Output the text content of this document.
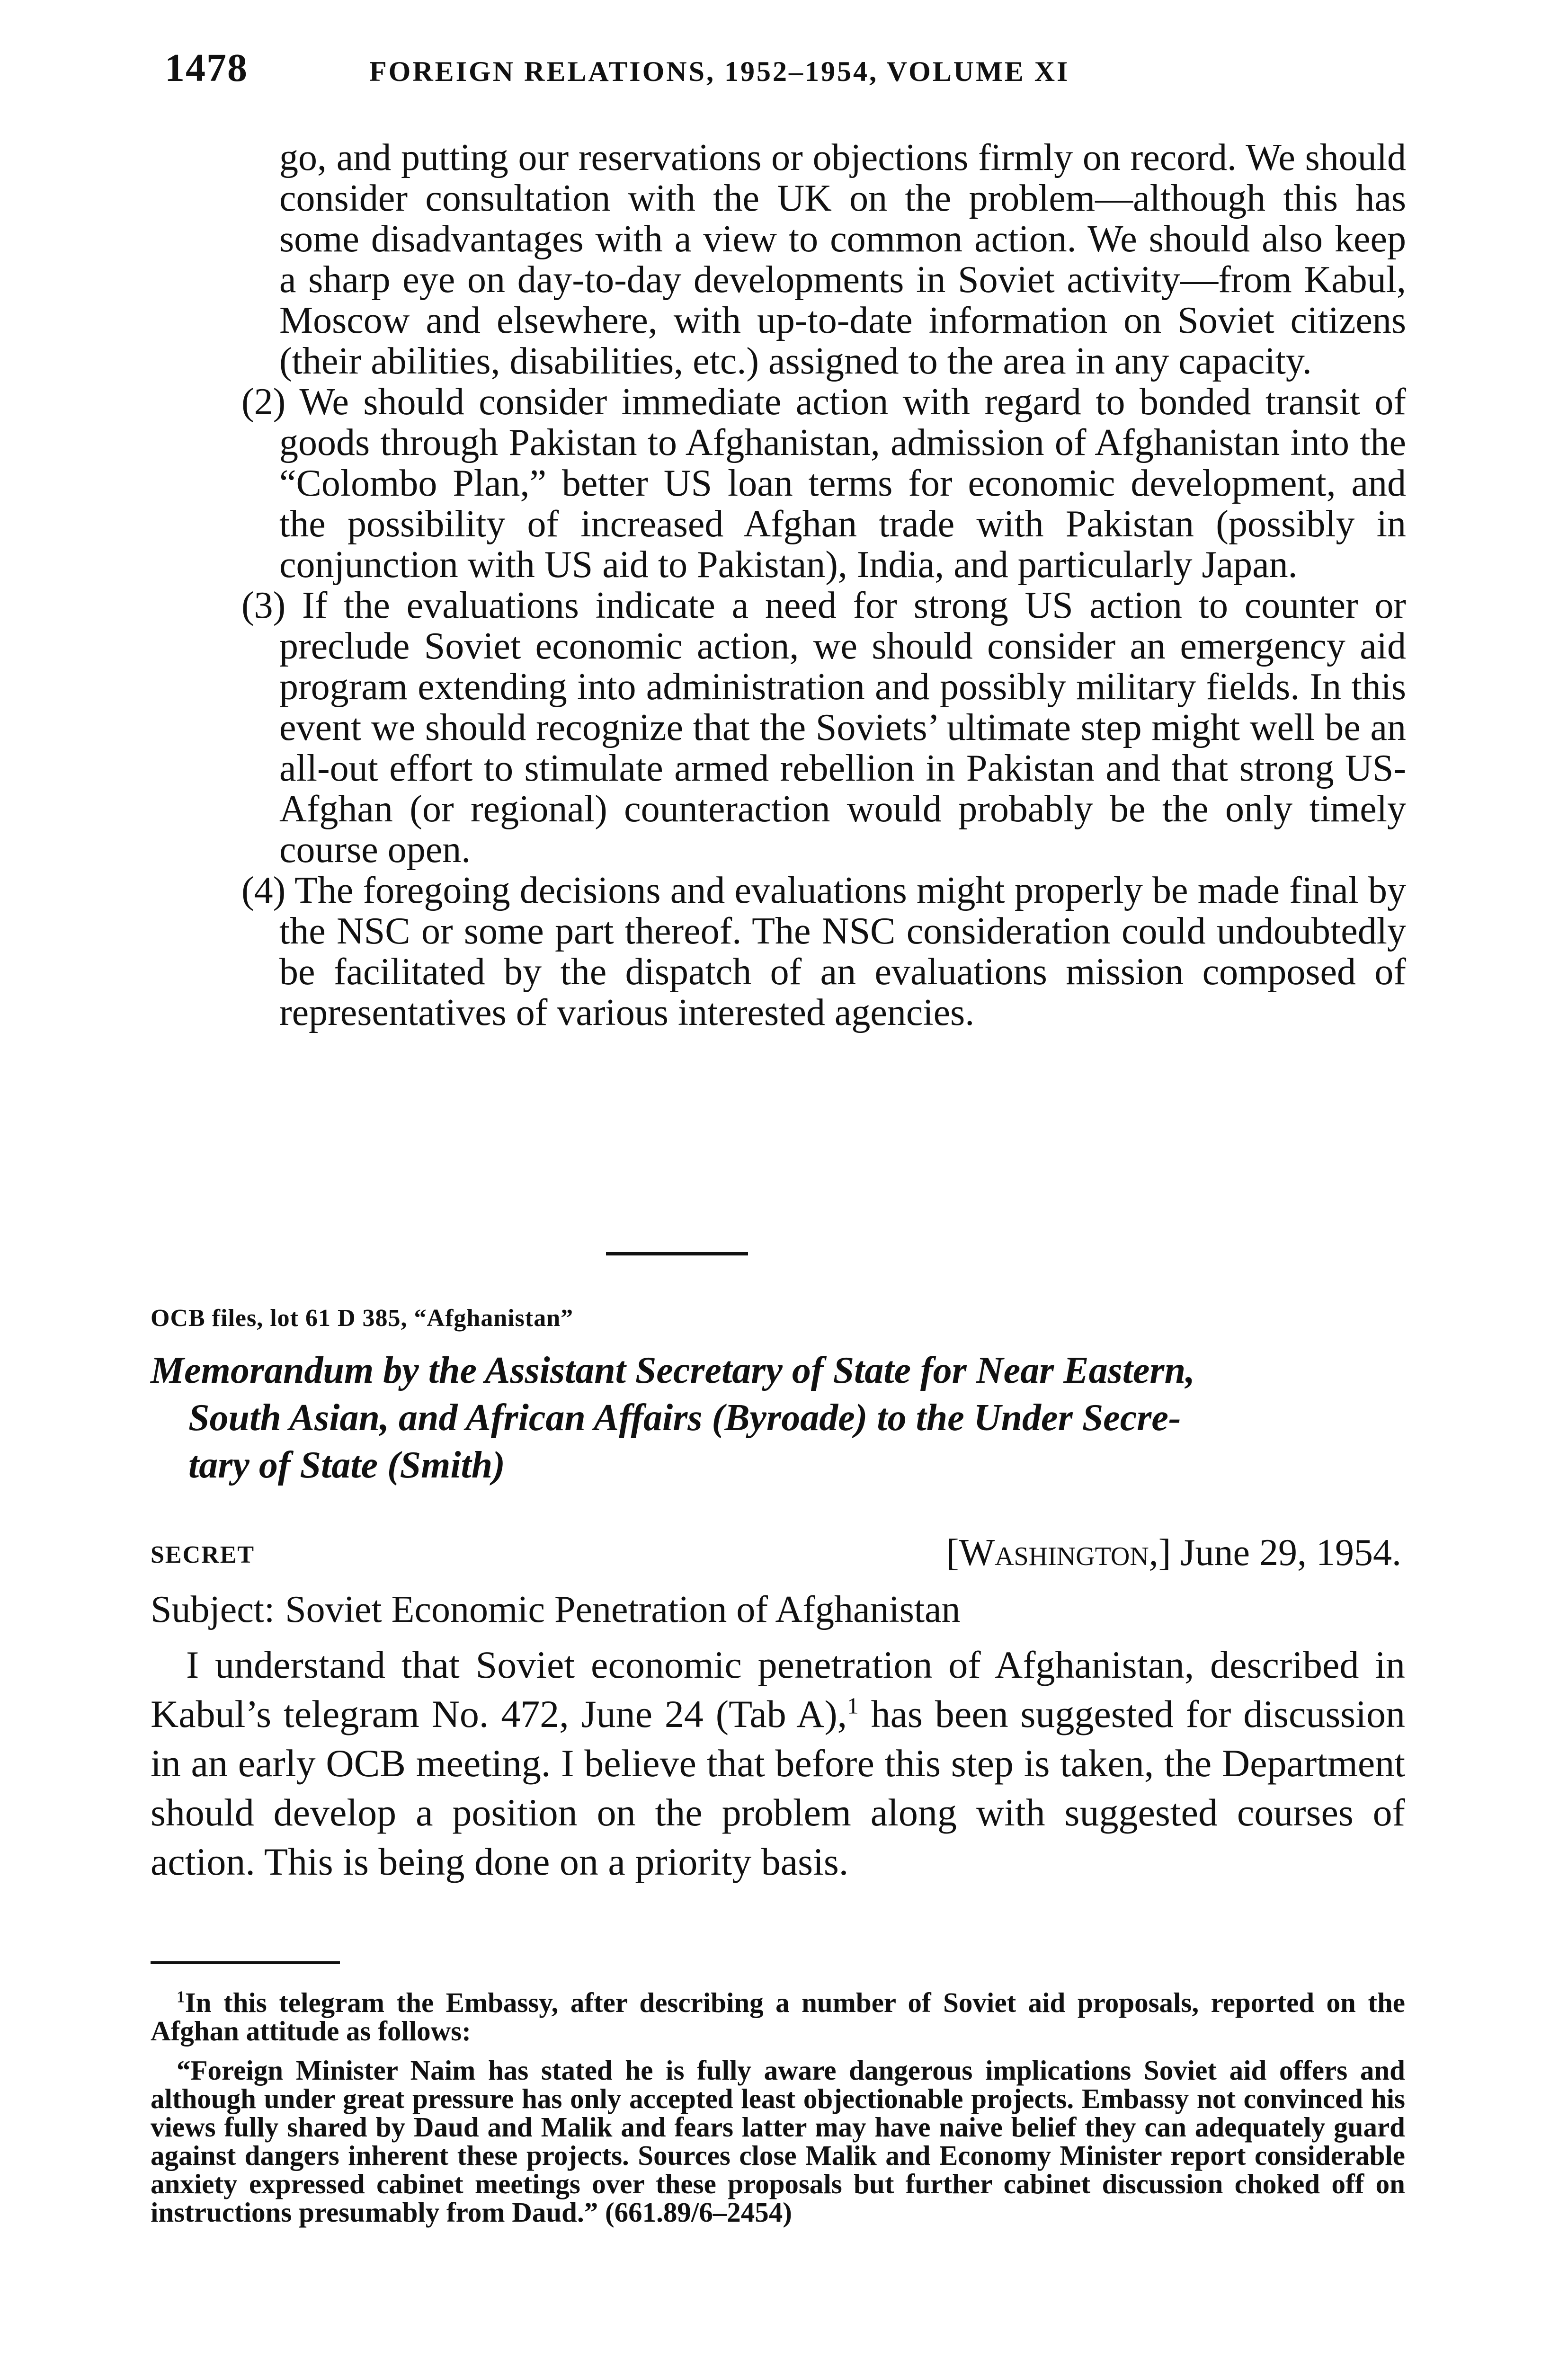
1478	FOREIGN RELATIONS, 1952–1954, VOLUME XI

go, and putting our reservations or objections firmly on record. We should consider consultation with the UK on the problem—although this has some disadvantages with a view to common action. We should also keep a sharp eye on day-to-day developments in Soviet activity—from Kabul, Moscow and elsewhere, with up-to-date information on Soviet citizens (their abilities, disabilities, etc.) assigned to the area in any capacity.

(2) We should consider immediate action with regard to bonded transit of goods through Pakistan to Afghanistan, admission of Afghanistan into the “Colombo Plan,” better US loan terms for economic development, and the possibility of increased Afghan trade with Pakistan (possibly in conjunction with US aid to Pakistan), India, and particularly Japan.

(3) If the evaluations indicate a need for strong US action to counter or preclude Soviet economic action, we should consider an emergency aid program extending into administration and possibly military fields. In this event we should recognize that the Soviets’ ultimate step might well be an all-out effort to stimulate armed rebellion in Pakistan and that strong US-Afghan (or regional) counteraction would probably be the only timely course open.

(4) The foregoing decisions and evaluations might properly be made final by the NSC or some part thereof. The NSC consideration could undoubtedly be facilitated by the dispatch of an evaluations mission composed of representatives of various interested agencies.

OCB files, lot 61 D 385, “Afghanistan”
Memorandum by the Assistant Secretary of State for Near Eastern,
South Asian, and African Affairs (Byroade) to the Under Secre-
tary of State (Smith)
SECRET	[Washington,] June 29, 1954.
Subject: Soviet Economic Penetration of Afghanistan

I understand that Soviet economic penetration of Afghanistan, described in Kabul’s telegram No. 472, June 24 (Tab A),$^1$ has been suggested for discussion in an early OCB meeting. I believe that before this step is taken, the Department should develop a position on the problem along with suggested courses of action. This is being done on a priority basis.

$^1$In this telegram the Embassy, after describing a number of Soviet aid proposals, reported on the Afghan attitude as follows:

“Foreign Minister Naim has stated he is fully aware dangerous implications Soviet aid offers and although under great pressure has only accepted least objectionable projects. Embassy not convinced his views fully shared by Daud and Malik and fears latter may have naive belief they can adequately guard against dangers inherent these projects. Sources close Malik and Economy Minister report considerable anxiety expressed cabinet meetings over these proposals but further cabinet discussion choked off on instructions presumably from Daud.” (661.89/6–2454)
